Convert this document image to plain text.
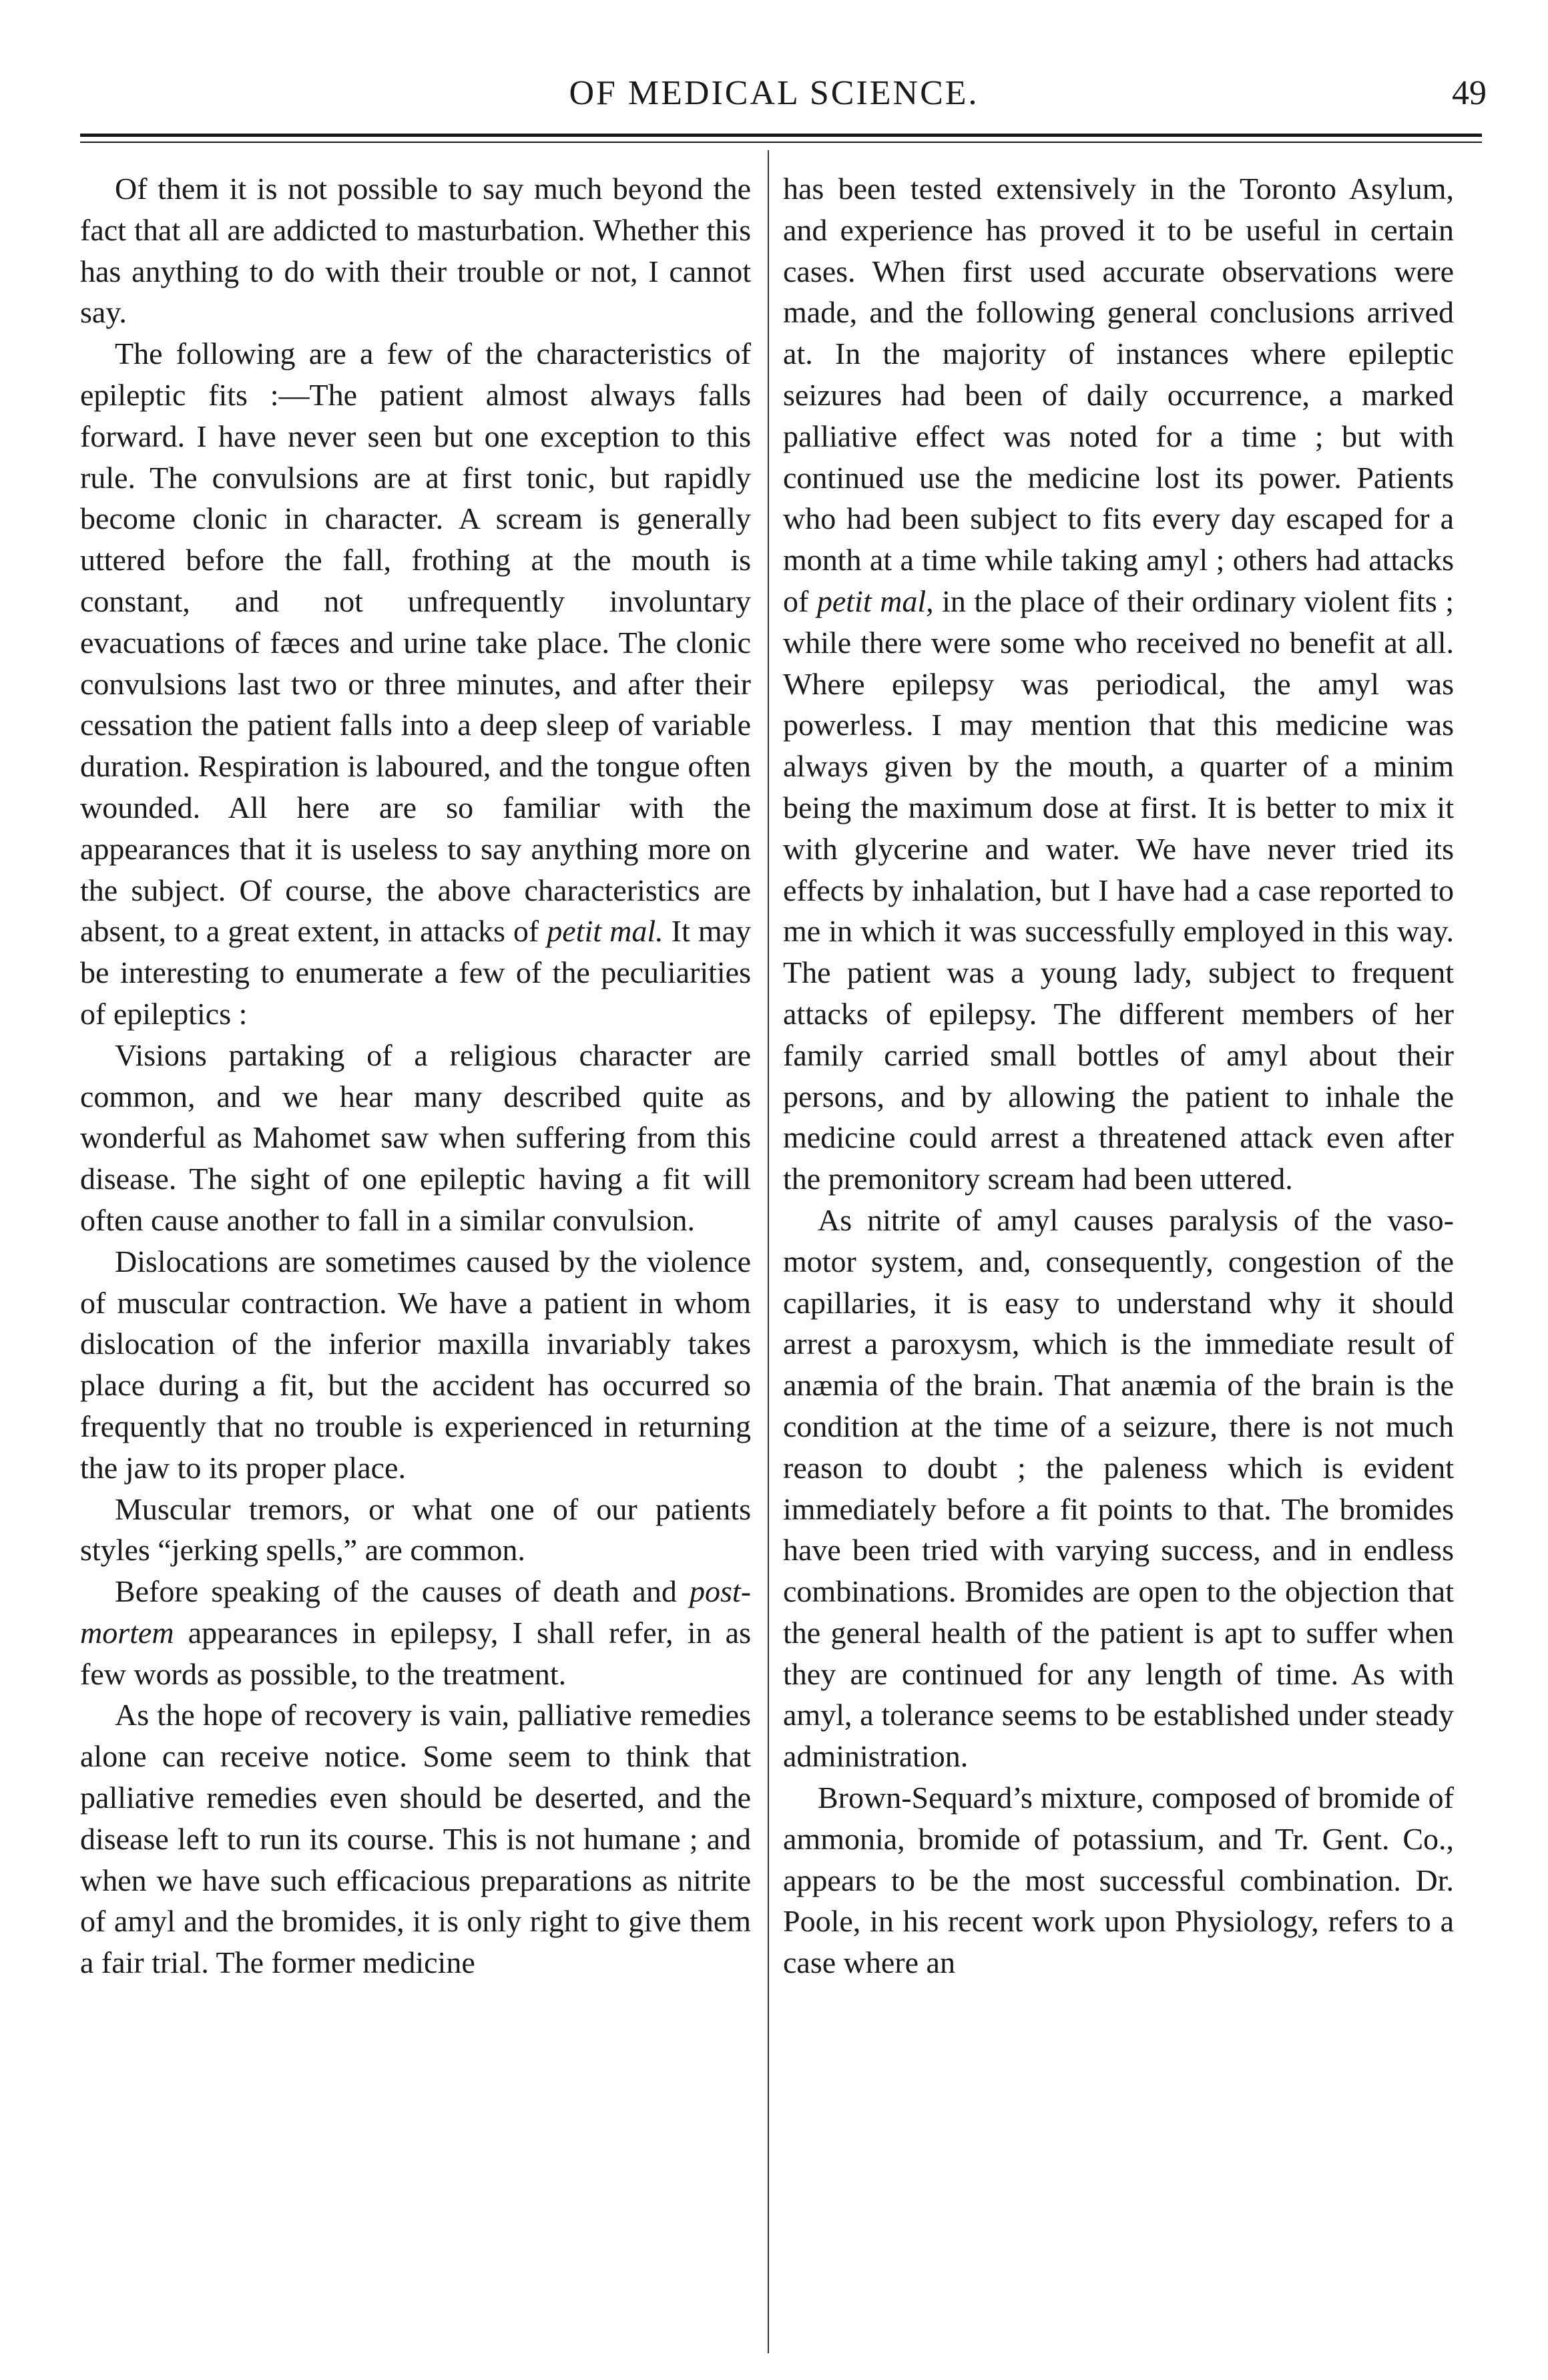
OF MEDICAL SCIENCE.	49

Of them it is not possible to say much beyond the fact that all are addicted to masturbation. Whether this has anything to do with their trouble or not, I cannot say.

The following are a few of the characteristics of epileptic fits :—The patient almost always falls forward. I have never seen but one exception to this rule. The convulsions are at first tonic, but rapidly become clonic in character. A scream is generally uttered before the fall, frothing at the mouth is constant, and not unfrequently involuntary evacuations of fæces and urine take place. The clonic convulsions last two or three minutes, and after their cessation the patient falls into a deep sleep of variable duration. Respiration is laboured, and the tongue often wounded. All here are so familiar with the appearances that it is useless to say anything more on the subject. Of course, the above characteristics are absent, to a great extent, in attacks of petit mal. It may be interesting to enumerate a few of the peculiarities of epileptics :

Visions partaking of a religious character are common, and we hear many described quite as wonderful as Mahomet saw when suffering from this disease. The sight of one epileptic having a fit will often cause another to fall in a similar convulsion.

Dislocations are sometimes caused by the violence of muscular contraction. We have a patient in whom dislocation of the inferior maxilla invariably takes place during a fit, but the accident has occurred so frequently that no trouble is experienced in returning the jaw to its proper place.

Muscular tremors, or what one of our patients styles “jerking spells,” are common.

Before speaking of the causes of death and post-mortem appearances in epilepsy, I shall refer, in as few words as possible, to the treatment.

As the hope of recovery is vain, palliative remedies alone can receive notice. Some seem to think that palliative remedies even should be deserted, and the disease left to run its course. This is not humane ; and when we have such efficacious preparations as nitrite of amyl and the bromides, it is only right to give them a fair trial. The former medicine

has been tested extensively in the Toronto Asylum, and experience has proved it to be useful in certain cases. When first used accurate observations were made, and the following general conclusions arrived at. In the majority of instances where epileptic seizures had been of daily occurrence, a marked palliative effect was noted for a time ; but with continued use the medicine lost its power. Patients who had been subject to fits every day escaped for a month at a time while taking amyl ; others had attacks of petit mal, in the place of their ordinary violent fits ; while there were some who received no benefit at all. Where epilepsy was periodical, the amyl was powerless. I may mention that this medicine was always given by the mouth, a quarter of a minim being the maximum dose at first. It is better to mix it with glycerine and water. We have never tried its effects by inhalation, but I have had a case reported to me in which it was successfully employed in this way. The patient was a young lady, subject to frequent attacks of epilepsy. The different members of her family carried small bottles of amyl about their persons, and by allowing the patient to inhale the medicine could arrest a threatened attack even after the premonitory scream had been uttered.

As nitrite of amyl causes paralysis of the vaso-motor system, and, consequently, congestion of the capillaries, it is easy to understand why it should arrest a paroxysm, which is the immediate result of anæmia of the brain. That anæmia of the brain is the condition at the time of a seizure, there is not much reason to doubt ; the paleness which is evident immediately before a fit points to that. The bromides have been tried with varying success, and in endless combinations. Bromides are open to the objection that the general health of the patient is apt to suffer when they are continued for any length of time. As with amyl, a tolerance seems to be established under steady administration.

Brown-Sequard’s mixture, composed of bromide of ammonia, bromide of potassium, and Tr. Gent. Co., appears to be the most successful combination. Dr. Poole, in his recent work upon Physiology, refers to a case where an
